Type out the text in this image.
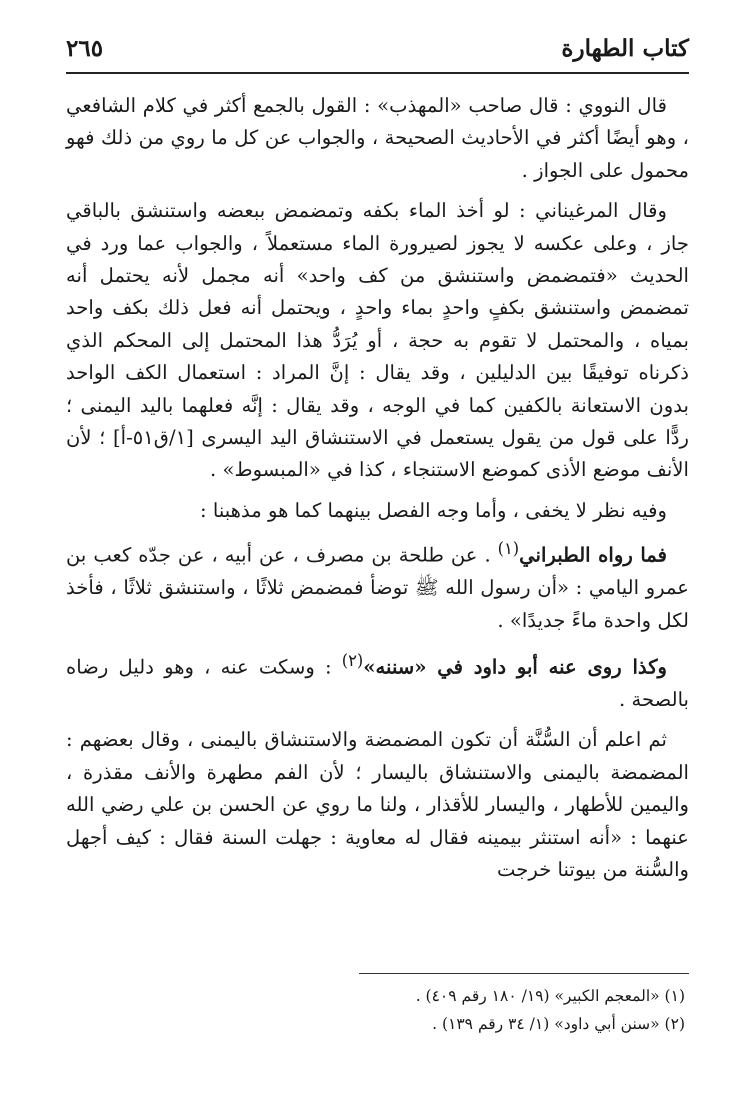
كتاب الطهارة
٢٦٥

قال النووي : قال صاحب «المهذب» : القول بالجمع أكثر في كلام الشافعي ، وهو أيضًا أكثر في الأحاديث الصحيحة ، والجواب عن كل ما روي من ذلك فهو محمول على الجواز .

وقال المرغيناني : لو أخذ الماء بكفه وتمضمض ببعضه واستنشق بالباقي جاز ، وعلى عكسه لا يجوز لصيرورة الماء مستعملاً ، والجواب عما ورد في الحديث «فتمضمض واستنشق من كف واحد» أنه مجمل لأنه يحتمل أنه تمضمض واستنشق بكفٍ واحدٍ بماء واحدٍ ، ويحتمل أنه فعل ذلك بكف واحد بمياه ، والمحتمل لا تقوم به حجة ، أو يُرَدُّ هذا المحتمل إلى المحكم الذي ذكرناه توفيقًا بين الدليلين ، وقد يقال : إنَّ المراد : استعمال الكف الواحد بدون الاستعانة بالكفين كما في الوجه ، وقد يقال : إنَّه فعلهما باليد اليمنى ؛ ردًّا على قول من يقول يستعمل في الاستنشاق اليد اليسرى [١/ق٥١-أ] ؛ لأن الأنف موضع الأذى كموضع الاستنجاء ، كذا في «المبسوط» .

وفيه نظر لا يخفى ، وأما وجه الفصل بينهما كما هو مذهبنا :

فما رواه الطبراني$^{(١)}$ . عن طلحة بن مصرف ، عن أبيه ، عن جدّه كعب بن عمرو اليامي : «أن رسول الله ﷺ توضأ فمضمض ثلاثًا ، واستنشق ثلاثًا ، فأخذ لكل واحدة ماءً جديدًا» .

وكذا روى عنه أبو داود في «سننه»$^{(٢)}$ : وسكت عنه ، وهو دليل رضاه بالصحة .

ثم اعلم أن السُّنَّة أن تكون المضمضة والاستنشاق باليمنى ، وقال بعضهم : المضمضة باليمنى والاستنشاق باليسار ؛ لأن الفم مطهرة والأنف مقذرة ، واليمين للأطهار ، واليسار للأقذار ، ولنا ما روي عن الحسن بن علي رضي الله عنهما : «أنه استنثر بيمينه فقال له معاوية : جهلت السنة فقال : كيف أجهل والسُّنة من بيوتنا خرجت

(١) «المعجم الكبير» (١٩/ ١٨٠ رقم ٤٠٩) .
(٢) «سنن أبي داود» (١/ ٣٤ رقم ١٣٩) .
